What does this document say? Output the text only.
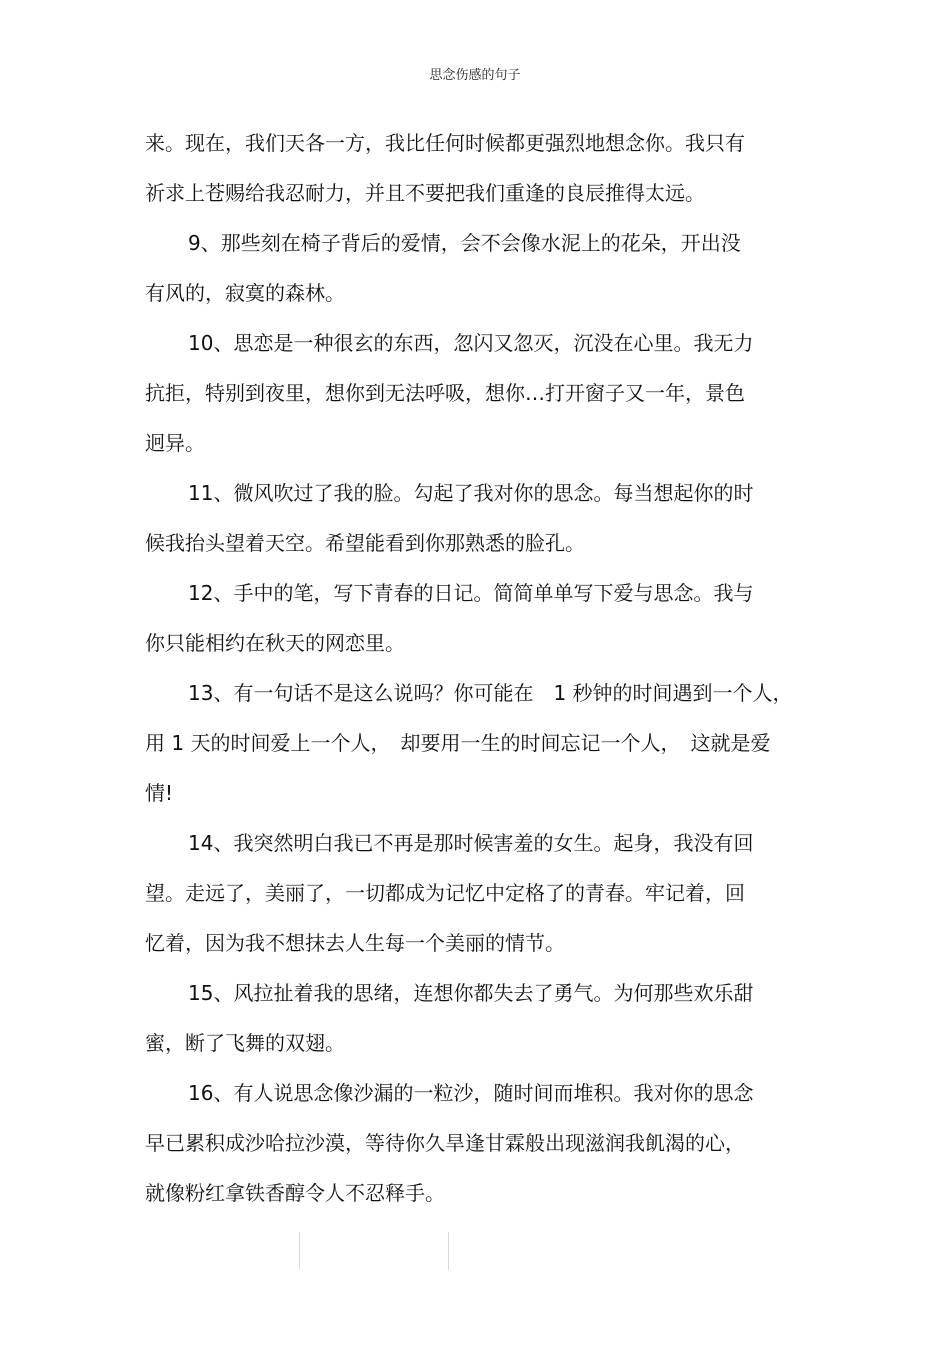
思念伤感的句子

来。现在，我们天各一方，我比任何时候都更强烈地想念你。我只有
祈求上苍赐给我忍耐力，并且不要把我们重逢的良辰推得太远。

9、那些刻在椅子背后的爱情，会不会像水泥上的花朵，开出没
有风的，寂寞的森林。

10、思恋是一种很玄的东西，忽闪又忽灭，沉没在心里。我无力
抗拒，特别到夜里，想你到无法呼吸，想你…打开窗子又一年，景色
迥异。

11、微风吹过了我的脸。勾起了我对你的思念。每当想起你的时
候我抬头望着天空。希望能看到你那熟悉的脸孔。

12、手中的笔，写下青春的日记。简简单单写下爱与思念。我与
你只能相约在秋天的网恋里。

13、有一句话不是这么说吗？你可能在　1 秒钟的时间遇到一个人，
用 1 天的时间爱上一个人，　却要用一生的时间忘记一个人，　这就是爱
情!

14、我突然明白我已不再是那时候害羞的女生。起身，我没有回
望。走远了，美丽了，一切都成为记忆中定格了的青春。牢记着，回
忆着，因为我不想抹去人生每一个美丽的情节。

15、风拉扯着我的思绪，连想你都失去了勇气。为何那些欢乐甜
蜜，断了飞舞的双翅。

16、有人说思念像沙漏的一粒沙，随时间而堆积。我对你的思念
早已累积成沙哈拉沙漠，等待你久旱逢甘霖般出现滋润我飢渴的心，
就像粉红拿铁香醇令人不忍释手。
